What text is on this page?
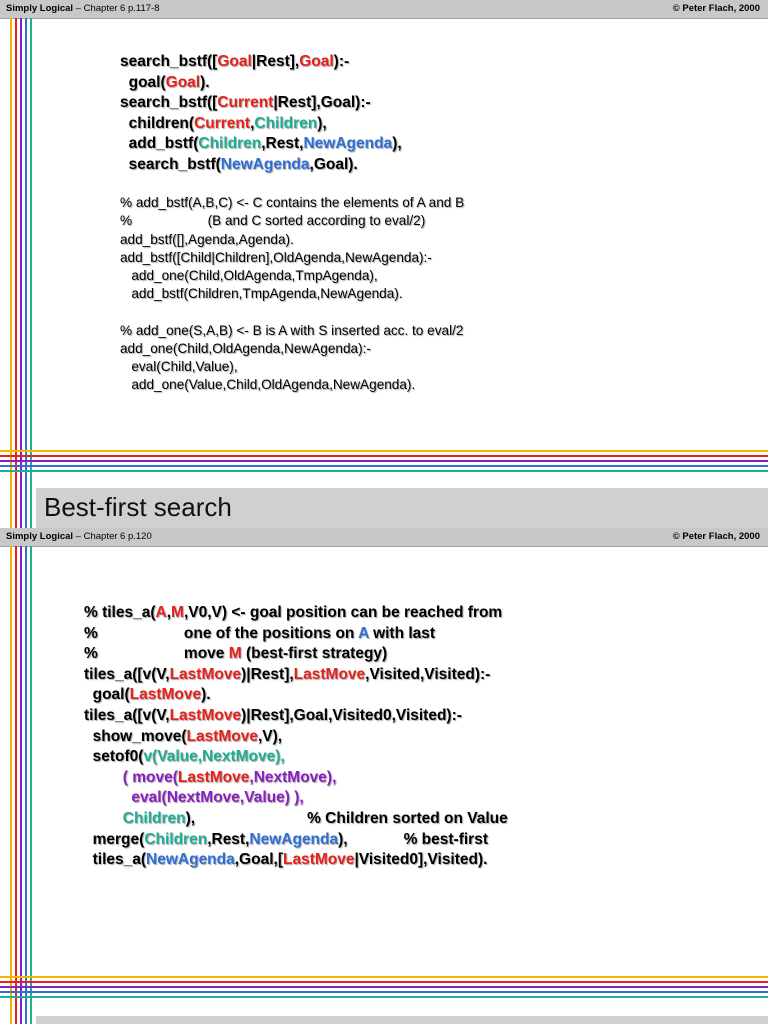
Simply Logical – Chapter 6 p.117-8	© Peter Flach, 2000
search_bstf([Goal|Rest],Goal):-
goal(Goal).
search_bstf([Current|Rest],Goal):-
children(Current,Children),
add_bstf(Children,Rest,NewAgenda),
search_bstf(NewAgenda,Goal).

% add_bstf(A,B,C) <- C contains the elements of A and B
%                    (B and C sorted according to eval/2)
add_bstf([],Agenda,Agenda).
add_bstf([Child|Children],OldAgenda,NewAgenda):-
add_one(Child,OldAgenda,TmpAgenda),
add_bstf(Children,TmpAgenda,NewAgenda).

% add_one(S,A,B) <- B is A with S inserted acc. to eval/2
add_one(Child,OldAgenda,NewAgenda):-
eval(Child,Value),
add_one(Value,Child,OldAgenda,NewAgenda).
Best-first search
Simply Logical – Chapter 6 p.120	© Peter Flach, 2000
% tiles_a(A,M,V0,V) <- goal position can be reached from
%                    one of the positions on A with last
%                    move M (best-first strategy)
tiles_a([v(V,LastMove)|Rest],LastMove,Visited,Visited):-
goal(LastMove).
tiles_a([v(V,LastMove)|Rest],Goal,Visited0,Visited):-
show_move(LastMove,V),
setof0(v(Value,NextMove),
( move(LastMove,NextMove),
eval(NextMove,Value) ),
Children),                          % Children sorted on Value
merge(Children,Rest,NewAgenda),             % best-first
tiles_a(NewAgenda,Goal,[LastMove|Visited0],Visited).
